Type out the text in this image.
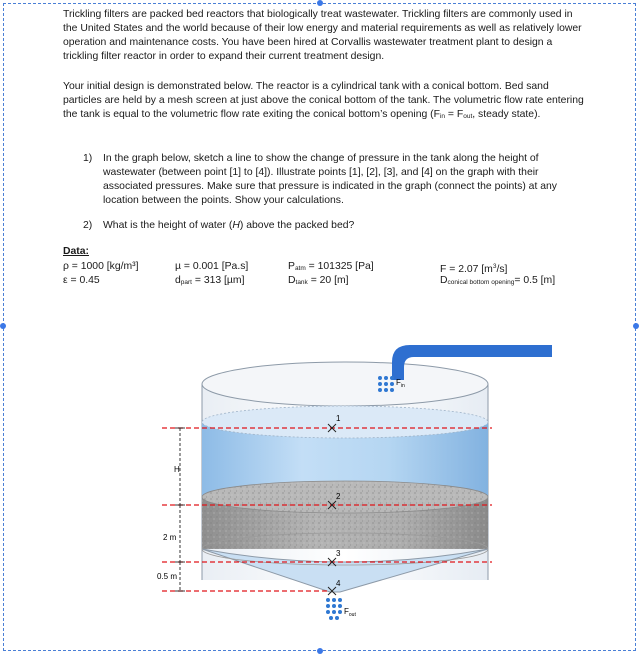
Trickling filters are packed bed reactors that biologically treat wastewater. Trickling filters are commonly used in the United States and the world because of their low energy and material requirements as well as relatively lower operation and maintenance costs. You have been hired at Corvallis wastewater treatment plant to design a trickling filter reactor in order to expand their current treatment design.
Your initial design is demonstrated below. The reactor is a cylindrical tank with a conical bottom. Bed sand particles are held by a mesh screen at just above the conical bottom of the tank. The volumetric flow rate entering the tank is equal to the volumetric flow rate exiting the conical bottom’s opening ($F_{in} = F_{out}$, steady state).
1) In the graph below, sketch a line to show the change of pressure in the tank along the height of wastewater (between point [1] to [4]). Illustrate points [1], [2], [3], and [4] on the graph with their associated pressures. Make sure that pressure is indicated in the graph (connect the points) at any location between the points. Show your calculations.
2) What is the height of water (H) above the packed bed?
Data:
ρ = 1000 [kg/m³]
ε = 0.45
µ = 0.001 [Pa.s]
$d_{part} = 313$ [µm]
$P_{atm} = 101325$ [Pa]
$D_{tank} = 20$ [m]
F = 2.07 $[m^3/s]$
$D_{conical bottom opening}= 0.5$ [m]
$F_{in}$
$F_{out}$
H
2 m
0.5 m
1
2
3
4
